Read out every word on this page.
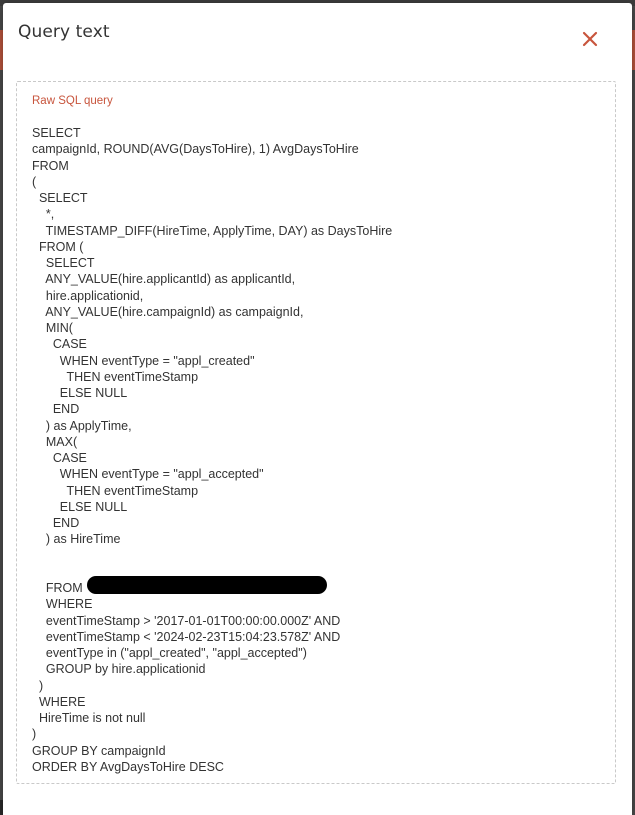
Query text
Raw SQL query
SELECT
campaignId, ROUND(AVG(DaysToHire), 1) AvgDaysToHire
FROM
(
SELECT
*,
TIMESTAMP_DIFF(HireTime, ApplyTime, DAY) as DaysToHire
FROM (
SELECT
ANY_VALUE(hire.applicantId) as applicantId,
hire.applicationid,
ANY_VALUE(hire.campaignId) as campaignId,
MIN(
CASE
WHEN eventType = "appl_created"
THEN eventTimeStamp
ELSE NULL
END
) as ApplyTime,
MAX(
CASE
WHEN eventType = "appl_accepted"
THEN eventTimeStamp
ELSE NULL
END
) as HireTime

FROM
WHERE
eventTimeStamp > '2017-01-01T00:00:00.000Z' AND
eventTimeStamp < '2024-02-23T15:04:23.578Z' AND
eventType in ("appl_created", "appl_accepted")
GROUP by hire.applicationid
)
WHERE
HireTime is not null
)
GROUP BY campaignId
ORDER BY AvgDaysToHire DESC
